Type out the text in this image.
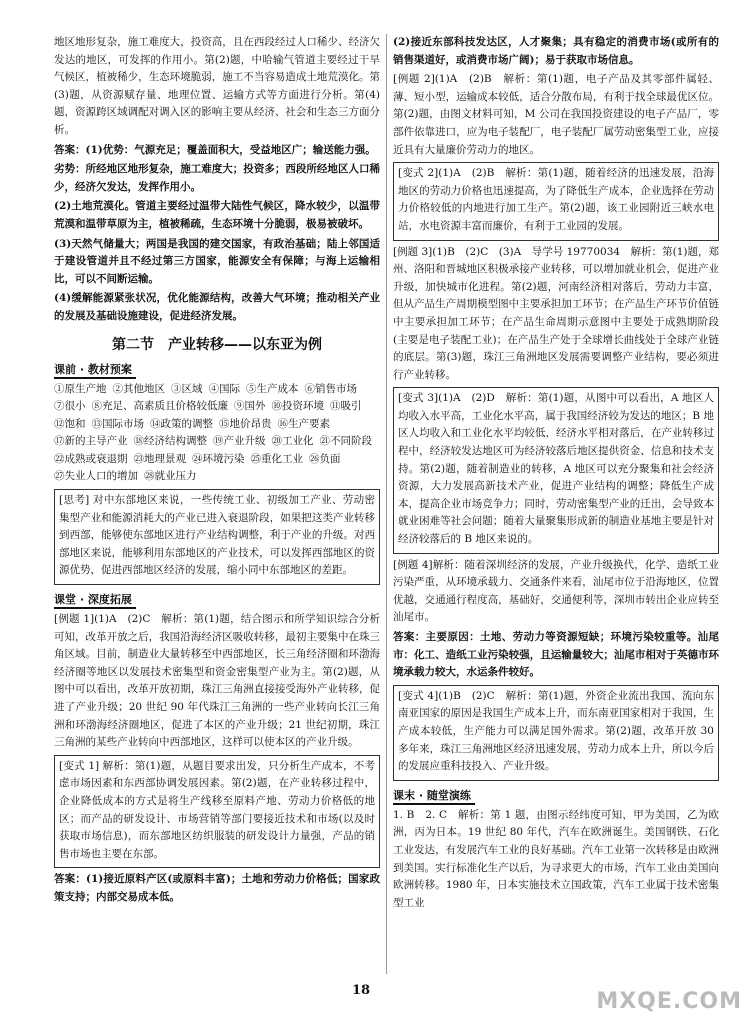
地区地形复杂，施工难度大，投资高，且在西段经过人口稀少、经济欠发达的地区，可发挥的作用小。第(2)题，中哈输气管道主要经过干旱气候区，植被稀少，生态环境脆弱，施工不当容易造成土地荒漠化。第(3)题，从资源赋存量、地理位置、运输方式等方面进行分析。第(4)题，资源跨区域调配对调入区的影响主要从经济、社会和生态三方面分析。

答案：(1)优势：气源充足；覆盖面积大，受益地区广；输送能力强。

劣势：所经地区地形复杂，施工难度大；投资多；西段所经地区人口稀少，经济欠发达，发挥作用小。

(2)土地荒漠化。管道主要经过温带大陆性气候区，降水较少，以温带荒漠和温带草原为主，植被稀疏，生态环境十分脆弱，极易被破坏。

(3)天然气储量大；两国是我国的建交国家，有政治基础；陆上邻国适于建设管道并且不经过第三方国家，能源安全有保障；与海上运输相比，可以不间断运输。

(4)缓解能源紧张状况，优化能源结构，改善大气环境；推动相关产业的发展及基础设施建设，促进经济发展。

第二节　产业转移——以东亚为例
课前 · 教材预案
①原生产地 ②其他地区 ③区域 ④国际 ⑤生产成本 ⑥销售市场
⑦很小 ⑧充足、高素质且价格较低廉 ⑨国外 ⑩投资环境 ⑪吸引
⑫饱和 ⑬国际市场 ⑭政策的调整 ⑮地价昂贵 ⑯生产要素
⑰新的主导产业 ⑱经济结构调整 ⑲产业升级 ⑳工业化 ㉑不同阶段
㉒成熟或衰退期 ㉓地理景观 ㉔环境污染 ㉕重化工业 ㉖负面
㉗失业人口的增加 ㉘就业压力

[思考] 对中东部地区来说，一些传统工业、初级加工产业、劳动密集型产业和能源消耗大的产业已进入衰退阶段，如果把这类产业转移到西部，能够使东部地区进行产业结构调整，利于产业的升级。对西部地区来说，能够利用东部地区的产业技术，可以发挥西部地区的资源优势，促进西部地区经济的发展，缩小同中东部地区的差距。

课堂 · 深度拓展

[例题 1](1)A　(2)C　解析：第(1)题，结合图示和所学知识综合分析可知，改革开放之后，我国沿海经济区吸收转移，最初主要集中在珠三角区域。目前，制造业大量转移至中西部地区，长三角经济圈和环渤海经济圈等地区以发展技术密集型和资金密集型产业为主。第(2)题，从图中可以看出，改革开放初期，珠江三角洲直接接受海外产业转移，促进了产业升级；20 世纪 90 年代珠江三角洲的一些产业转向长江三角洲和环渤海经济圈地区，促进了本区的产业升级；21 世纪初期，珠江三角洲的某些产业转向中西部地区，这样可以使本区的产业升级。

[变式 1] 解析：第(1)题，从题目要求出发，只分析生产成本，不考虑市场因素和东西部协调发展因素。第(2)题，在产业转移过程中，企业降低成本的方式是将生产线移至原料产地、劳动力价格低的地区；而产品的研发设计、市场营销等部门要接近技术和市场(以及时获取市场信息)，而东部地区纺织服装的研发设计力量强，产品的销售市场也主要在东部。

答案：(1)接近原料产区(或原料丰富)；土地和劳动力价格低；国家政策支持；内部交易成本低。

(2)接近东部科技发达区，人才聚集；具有稳定的消费市场(或所有的销售渠道好，或消费市场广阔)；易于获取市场信息。

[例题 2](1)A　(2)B　解析：第(1)题，电子产品及其零部件属轻、薄、短小型，运输成本较低，适合分散布局，有利于找全球最优区位。第(2)题，由图文材料可知，M 公司在我国投资建设的电子产品厂，零部件依靠进口，应为电子装配厂，电子装配厂属劳动密集型工业，应接近具有大量廉价劳动力的地区。

[变式 2](1)A　(2)B　解析：第(1)题，随着经济的迅速发展，沿海地区的劳动力价格也迅速提高，为了降低生产成本，企业选择在劳动力价格较低的内地进行加工生产。第(2)题，该工业园附近三峡水电站，水电资源丰富而廉价，有利于工业园的发展。

[例题 3](1)B　(2)C　(3)A　导学号 19770034　解析：第(1)题，郑州、洛阳和晋城地区积极承接产业转移，可以增加就业机会，促进产业升级，加快城市化进程。第(2)题，河南经济相对落后，劳动力丰富，但从产品生产周期模型图中主要承担加工环节；在产品生产环节价值链中主要承担加工环节；在产品生命周期示意图中主要处于成熟期阶段(主要是电子装配工业)；在产品生产处于全球增长曲线处于全球产业链的底层。第(3)题，珠江三角洲地区发展需要调整产业结构，要必须进行产业转移。

[变式 3](1)A　(2)D　解析：第(1)题，从图中可以看出，A 地区人均收入水平高，工业化水平高，属于我国经济较为发达的地区；B 地区人均收入和工业化水平均较低，经济水平相对落后，在产业转移过程中，经济较发达地区可为经济较落后地区提供资金、信息和技术支持。第(2)题，随着制造业的转移，A 地区可以充分聚集和社会经济资源，大力发展高新技术产业，促进产业结构的调整；降低生产成本，提高企业市场竞争力；同时，劳动密集型产业的迁出，会导致本就业困难等社会问题；随着大量聚集形成新的制造业基地主要是针对经济较落后的 B 地区来说的。

[例题 4]解析：随着深圳经济的发展，产业升级换代，化学、造纸工业污染严重，从环境承载力、交通条件来看，汕尾市位于沿海地区，位置优越，交通通行程度高，基础好，交通便利等，深圳市转出企业应转至汕尾市。

答案：主要原因：土地、劳动力等资源短缺；环境污染较重等。汕尾市：化工、造纸工业污染较强，且运输量较大；汕尾市相对于英德市环境承载力较大，水运条件较好。

[变式 4](1)B　(2)C　解析：第(1)题，外资企业流出我国、流向东南亚国家的原因是我国生产成本上升，而东南亚国家相对于我国，生产成本较低，生产能力可以满足国外需求。第(2)题，改革开放 30 多年来，珠江三角洲地区经济迅速发展，劳动力成本上升，所以今后的发展应重科技投入、产业升级。

课末 · 随堂演练

1. B　2. C　解析：第 1 题，由图示经纬度可知，甲为美国，乙为欧洲，丙为日本。19 世纪 80 年代，汽车在欧洲诞生。美国钢铁、石化工业发达，有发展汽车工业的良好基础。汽车工业第一次转移是由欧洲到美国。实行标准化生产以后，为寻求更大的市场，汽车工业由美国向欧洲转移。1980 年，日本实施技术立国政策，汽车工业属于技术密集型工业

18	MXQE.COM
